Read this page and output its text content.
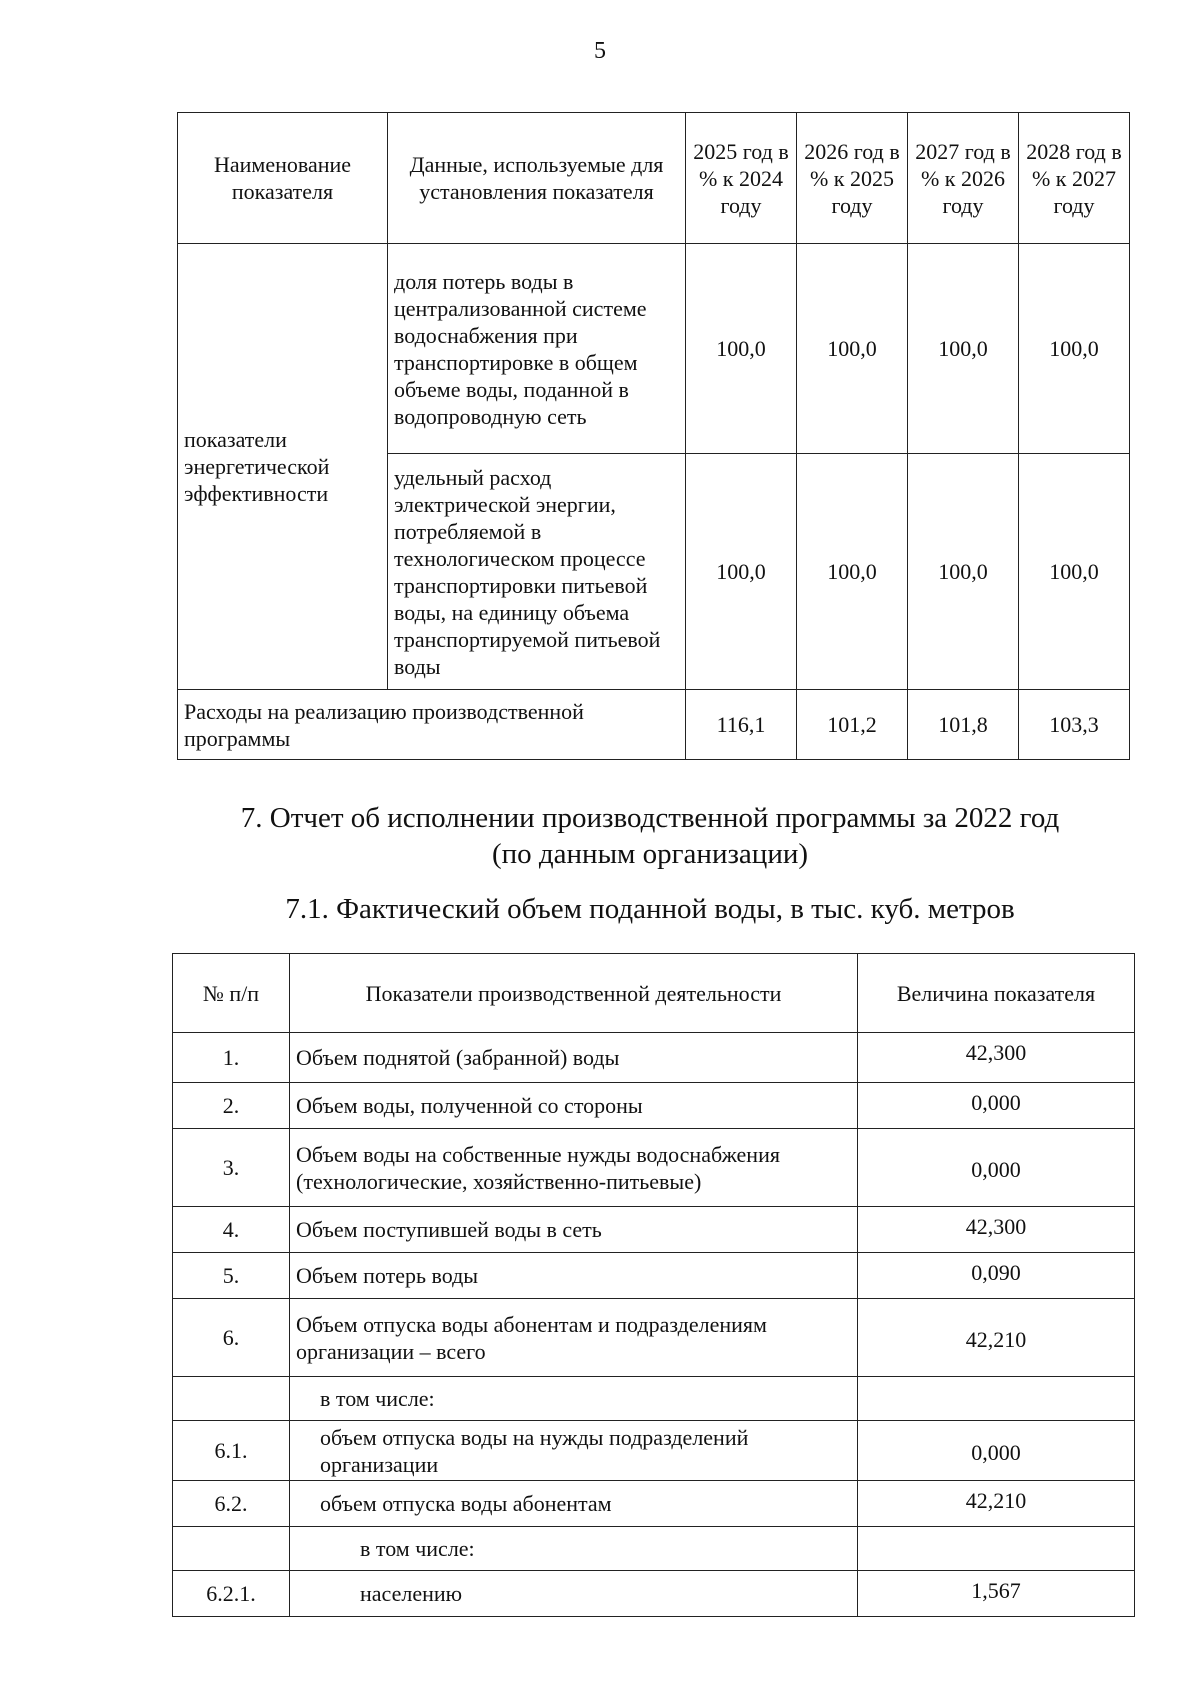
5
Наименование показателя	Данные, используемые для установления показателя	2025 год в % к 2024 году	2026 год в % к 2025 году	2027 год в % к 2026 году	2028 год в % к 2027 году
показатели энергетической эффективности	доля потерь воды в централизованной системе водоснабжения при транспортировке в общем объеме воды, поданной в водопроводную сеть	100,0	100,0	100,0	100,0
	удельный расход электрической энергии, потребляемой в технологическом процессе транспортировки питьевой воды, на единицу объема транспортируемой питьевой воды	100,0	100,0	100,0	100,0
Расходы на реализацию производственной программы		116,1	101,2	101,8	103,3
7. Отчет об исполнении производственной программы за 2022 год
(по данным организации)
7.1. Фактический объем поданной воды, в тыс. куб. метров
№ п/п	Показатели производственной деятельности	Величина показателя
1.	Объем поднятой (забранной) воды	42,300
2.	Объем воды, полученной со стороны	0,000
3.	Объем воды на собственные нужды водоснабжения (технологические, хозяйственно-питьевые)	0,000
4.	Объем поступившей воды в сеть	42,300
5.	Объем потерь воды	0,090
6.	Объем отпуска воды абонентам и подразделениям организации – всего	42,210
	в том числе:	
6.1.	объем отпуска воды на нужды подразделений организации	0,000
6.2.	объем отпуска воды абонентам	42,210
	в том числе:	
6.2.1.	населению	1,567
